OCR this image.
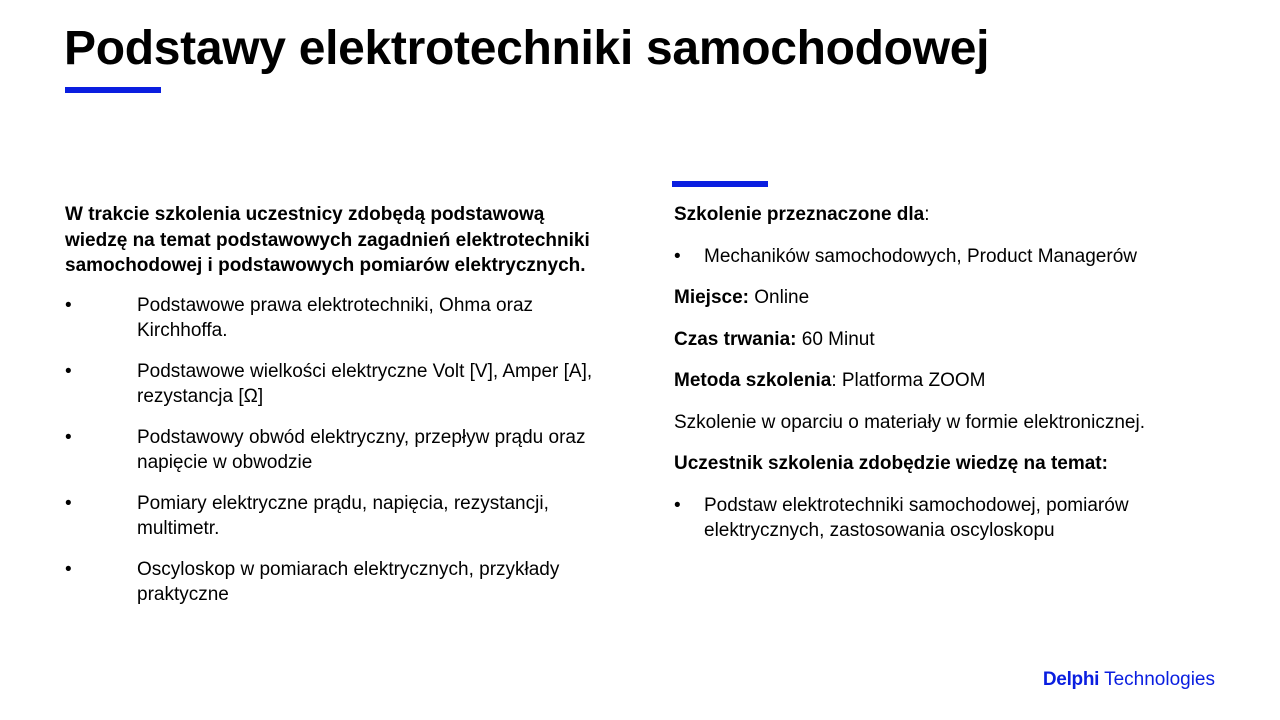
Podstawy elektrotechniki samochodowej

W trakcie szkolenia uczestnicy zdobędą podstawową wiedzę na temat podstawowych zagadnień elektrotechniki samochodowej i podstawowych pomiarów elektrycznych.

•	Podstawowe prawa elektrotechniki, Ohma oraz Kirchhoffa.
•	Podstawowe wielkości elektryczne Volt [V], Amper [A], rezystancja [Ω]
•	Podstawowy obwód elektryczny, przepływ prądu oraz napięcie w obwodzie
•	Pomiary elektryczne prądu, napięcia, rezystancji, multimetr.
•	Oscyloskop w pomiarach elektrycznych, przykłady praktyczne

Szkolenie przeznaczone dla:

• Mechaników samochodowych, Product Managerów

Miejsce: Online

Czas trwania: 60 Minut

Metoda szkolenia: Platforma ZOOM

Szkolenie w oparciu o materiały w formie elektronicznej.

Uczestnik szkolenia zdobędzie wiedzę na temat:

• Podstaw elektrotechniki samochodowej, pomiarów elektrycznych, zastosowania oscyloskopu

Delphi Technologies
